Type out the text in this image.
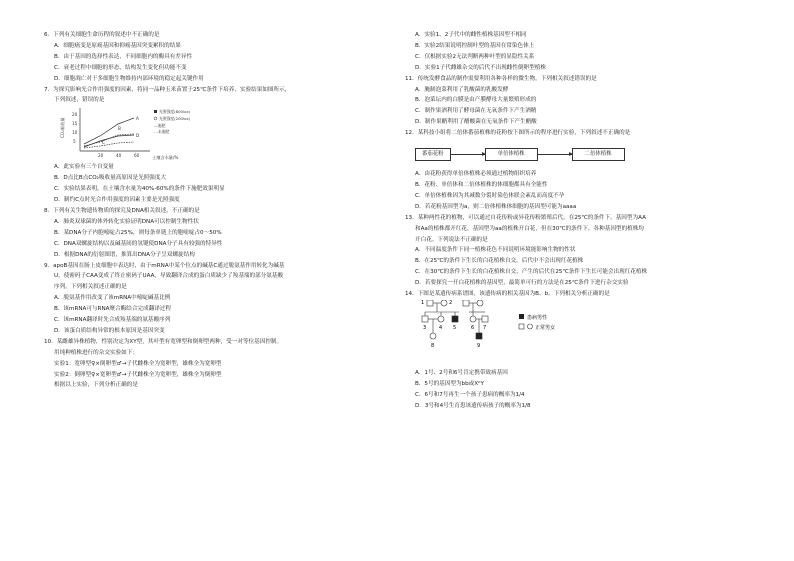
6．下列有关细胞生命历程的叙述中不正确的是

A．细胞癌变是原癌基因和抑癌基因突变累积的结果

B．由于基因的选择性表达，不同细胞内的酶具有差异性

C．衰老过程中细胞的形态、结构发生变化但功能不变

D．细胞凋亡对于多细胞生物维持内部环境的稳定起关键作用

7．为探究影响光合作用强度的因素，将同一品种玉米苗置于25℃条件下培养，实验结果如图所示，

下列叙述，错误的是

CO₂吸收量
20
15
10
5
20	40	60	土壤含水量/%
A
B
C
D
光照强度(800lux)
光照强度(200lux)
—施肥
- -未施肥

A．此实验有三个自变量

B．D点比B点CO₂吸收量高原因是光照强度大

C．实验结果表明，在土壤含水量为40%-60%的条件下施肥效果明显

D．制约C点时光合作用强度的因素主要是光照强度

8．下列有关生物遗传物质的探究及DNA相关叙述，不正确的是

A．肺炎双球菌的体外转化实验证明DNA可以控制生物性状

B．某DNA分子内胞嘧啶占25%，则每条单链上的胞嘧啶占0～50%

C．DNA双螺旋结构以及碱基间的氢键使DNA分子具有较强的特异性

D．根据DNA的衍射图谱，推算出DNA分子呈双螺旋结构

9．apoB基因在肠上皮细胞中表达时，由于mRNA中某个位点的碱基C通过脱氨基作用转化为碱基

U，使密码子CAA变成了终止密码子UAA，导致翻译合成的蛋白质缺少了羧基端的部分氨基酸

序列。下列相关叙述正确的是

A．脱氨基作用改变了该mRNA中嘧啶碱基比例

B．该mRNA可与RNA聚合酶结合完成翻译过程

C．该mRNA翻译时先合成羧基端的氨基酸序列

D．该蛋白质结构异常的根本原因是基因突变

10．某雌雄异株植物，性别决定为XY型，其叶型有宽卵型和倒卵型两种，受一对等位基因控制。

用纯种植株进行的杂交实验如下：

实验1：宽卵型♀×倒卵型♂→子代雌株全为宽卵型，雄株全为宽卵型

实验2：倒卵型♀×宽卵型♂→子代雌株全为宽卵型，雄株全为倒卵型

根据以上实验，下列分析正确的是

A．实验1、2子代中的雌性植株基因型不相同

B．实验2结果说明控制叶型的基因在常染色体上

C．仅根据实验2无法判断两种叶型的显隐性关系

D．实验1子代雌雄杂交的后代不出现雌性倒卵型植株

11．传统发酵食品的制作需要利用各种各样的微生物。下列相关叙述错误的是

A．腌制泡菜利用了乳酸菌的乳酸发酵

B．泡菜坛内的白膜是由产膜酵母大量繁殖形成的

C．制作果酒利用了酵母菌在无氧条件下产生酒精

D．制作果醋利用了醋酸菌在无氧条件下产生醋酸

12．某科技小组将二倍体番茄植株的花粉按下图所示的程序进行实验，下列叙述不正确的是

番茄花粉	单倍体植株	二倍体植株

A．由花粉获得单倍体植株必须通过植物组织培养

B．花粉、单倍体和二倍体植株的体细胞都具有全能性

C．单倍体植株因为其减数分裂时染色体联会紊乱而高度不孕

D．若花粉基因型为a，则二倍体植株体细胞的基因型可能为aaaa

13．某种两性花的植物，可以通过自花传粉或异花传粉繁殖后代。在25℃的条件下，基因型为AA

和Aa的植株都开红花，基因型为aa的植株开白花，但在30℃的条件下，各种基因型的植株均

开白花。下列说法不正确的是

A．不同温度条件下同一植株花色不同说明环境能影响生物的性状

B．在25℃的条件下生长的白花植株自交，后代中不会出现红花植株

C．在30℃的条件下生长的白花植株自交，产生的后代在25℃条件下生长可能会出现红花植株

D．若要探究一开白花植株的基因型，最简单可行的方法是在25℃条件下进行杂交实验

14．下图是某遗传病系谱图，该遗传病的相关基因为B、b。下列相关分析正确的是

1	2
3	4 5	6 7
8	9
患病男性
正常男女

A．1号、2号和6号肯定携带致病基因

B．5号的基因型为bb或XᵇY

C．6号和7号再生一个孩子患病的概率为1/4

D．3号和4号生育患该遗传病孩子的概率为1/8
